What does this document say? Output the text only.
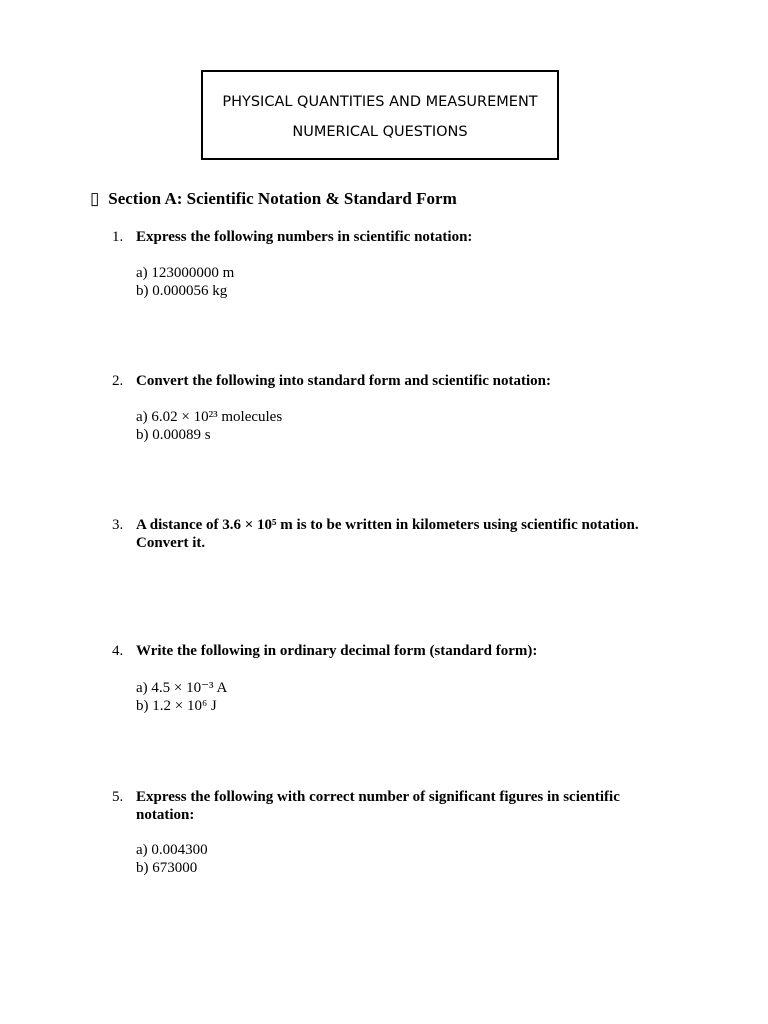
PHYSICAL QUANTITIES AND MEASUREMENT
NUMERICAL QUESTIONS
▯ Section A: Scientific Notation & Standard Form
1. Express the following numbers in scientific notation:
a) 123000000 m
b) 0.000056 kg
2. Convert the following into standard form and scientific notation:
a) 6.02 × 10²³ molecules
b) 0.00089 s
3. A distance of 3.6 × 10⁵ m is to be written in kilometers using scientific notation. Convert it.
4. Write the following in ordinary decimal form (standard form):
a) 4.5 × 10⁻³ A
b) 1.2 × 10⁶ J
5. Express the following with correct number of significant figures in scientific notation:
a) 0.004300
b) 673000
